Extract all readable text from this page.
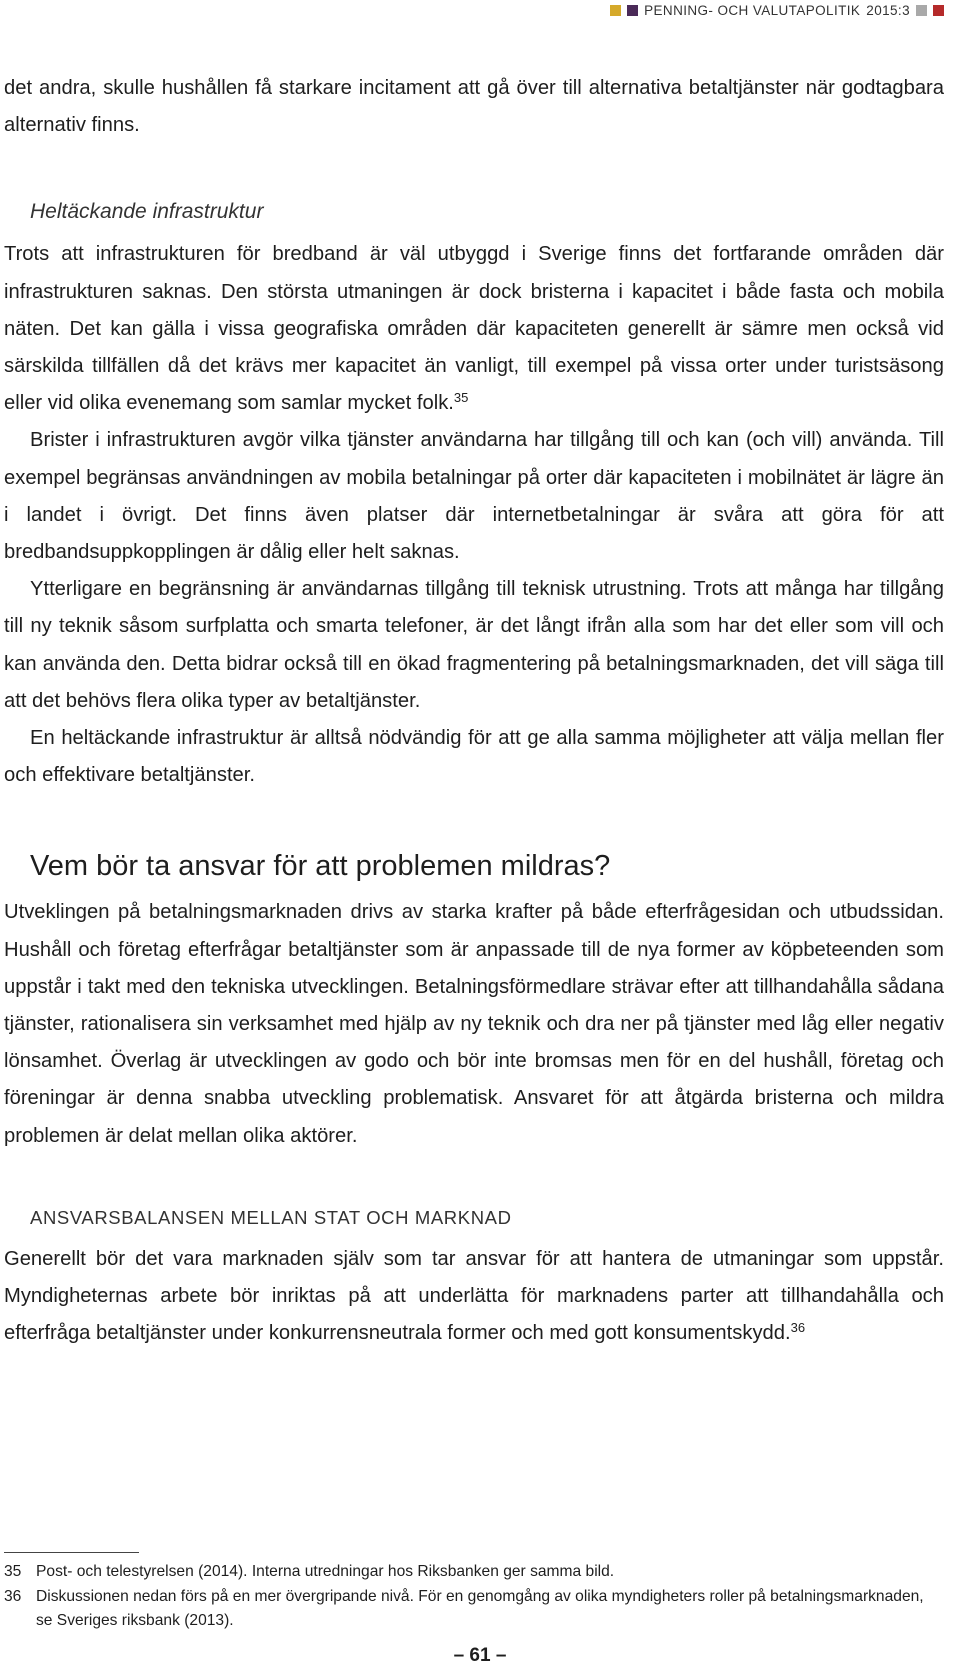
PENNING- OCH VALUTAPOLITIK 2015:3

det andra, skulle hushållen få starkare incitament att gå över till alternativa betaltjänster när godtagbara alternativ finns.

Heltäckande infrastruktur

Trots att infrastrukturen för bredband är väl utbyggd i Sverige finns det fortfarande områden där infrastrukturen saknas. Den största utmaningen är dock bristerna i kapacitet i både fasta och mobila näten. Det kan gälla i vissa geografiska områden där kapaciteten generellt är sämre men också vid särskilda tillfällen då det krävs mer kapacitet än vanligt, till exempel på vissa orter under turistsäsong eller vid olika evenemang som samlar mycket folk.$^{35}$

Brister i infrastrukturen avgör vilka tjänster användarna har tillgång till och kan (och vill) använda. Till exempel begränsas användningen av mobila betalningar på orter där kapaciteten i mobilnätet är lägre än i landet i övrigt. Det finns även platser där internetbetalningar är svåra att göra för att bredbandsuppkopplingen är dålig eller helt saknas.

Ytterligare en begränsning är användarnas tillgång till teknisk utrustning. Trots att många har tillgång till ny teknik såsom surfplatta och smarta telefoner, är det långt ifrån alla som har det eller som vill och kan använda den. Detta bidrar också till en ökad fragmentering på betalningsmarknaden, det vill säga till att det behövs flera olika typer av betaltjänster.

En heltäckande infrastruktur är alltså nödvändig för att ge alla samma möjligheter att välja mellan fler och effektivare betaltjänster.

Vem bör ta ansvar för att problemen mildras?

Utveklingen på betalningsmarknaden drivs av starka krafter på både efterfrågesidan och utbudssidan. Hushåll och företag efterfrågar betaltjänster som är anpassade till de nya former av köpbeteenden som uppstår i takt med den tekniska utvecklingen. Betalningsförmedlare strävar efter att tillhandahålla sådana tjänster, rationalisera sin verksamhet med hjälp av ny teknik och dra ner på tjänster med låg eller negativ lönsamhet. Överlag är utvecklingen av godo och bör inte bromsas men för en del hushåll, företag och föreningar är denna snabba utveckling problematisk. Ansvaret för att åtgärda bristerna och mildra problemen är delat mellan olika aktörer.

ANSVARSBALANSEN MELLAN STAT OCH MARKNAD

Generellt bör det vara marknaden själv som tar ansvar för att hantera de utmaningar som uppstår. Myndigheternas arbete bör inriktas på att underlätta för marknadens parter att tillhandahålla och efterfråga betaltjänster under konkurrensneutrala former och med gott konsumentskydd.$^{36}$

35 Post- och telestyrelsen (2014). Interna utredningar hos Riksbanken ger samma bild.
36 Diskussionen nedan förs på en mer övergripande nivå. För en genomgång av olika myndigheters roller på betalningsmarknaden, se Sveriges riksbank (2013).
– 61 –
